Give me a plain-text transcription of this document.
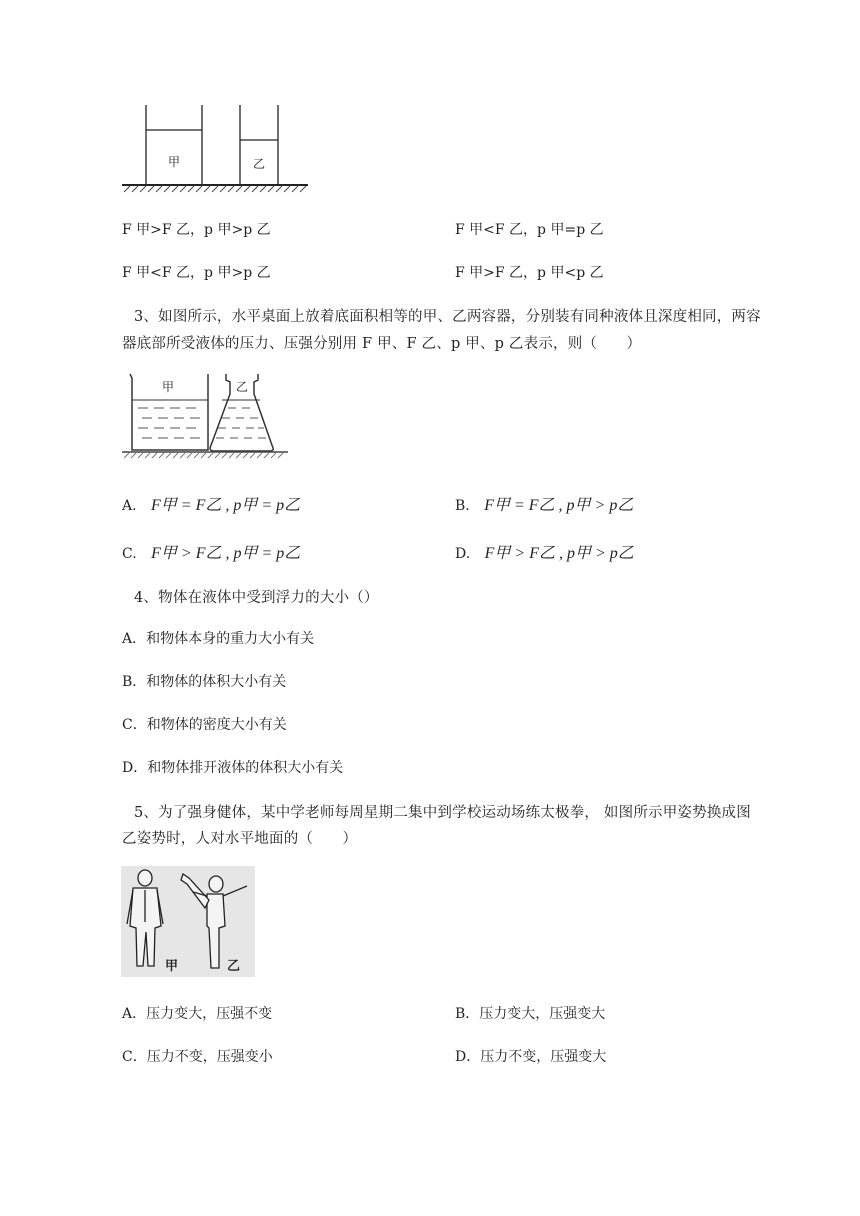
甲	乙
F 甲>F 乙，p 甲>p 乙	F 甲<F 乙，p 甲=p 乙
F 甲<F 乙，p 甲>p 乙	F 甲>F 乙，p 甲<p 乙
3、如图所示，水平桌面上放着底面积相等的甲、乙两容器，分别装有同种液体且深度相同，两容
器底部所受液体的压力、压强分别用 F 甲、F 乙、p 甲、p 乙表示，则（　　）
甲	乙
A. F甲 = F乙 , p甲 = p乙	B. F甲 = F乙 , p甲 > p乙
C. F甲 > F乙 , p甲 = p乙	D. F甲 > F乙 , p甲 > p乙
4、物体在液体中受到浮力的大小（）
A．和物体本身的重力大小有关
B．和物体的体积大小有关
C．和物体的密度大小有关
D．和物体排开液体的体积大小有关
5、为了强身健体，某中学老师每周星期二集中到学校运动场练太极拳， 如图所示甲姿势换成图
乙姿势时，人对水平地面的（　　）
甲	乙
A．压力变大，压强不变	B．压力变大，压强变大
C．压力不变，压强变小	D．压力不变，压强变大
